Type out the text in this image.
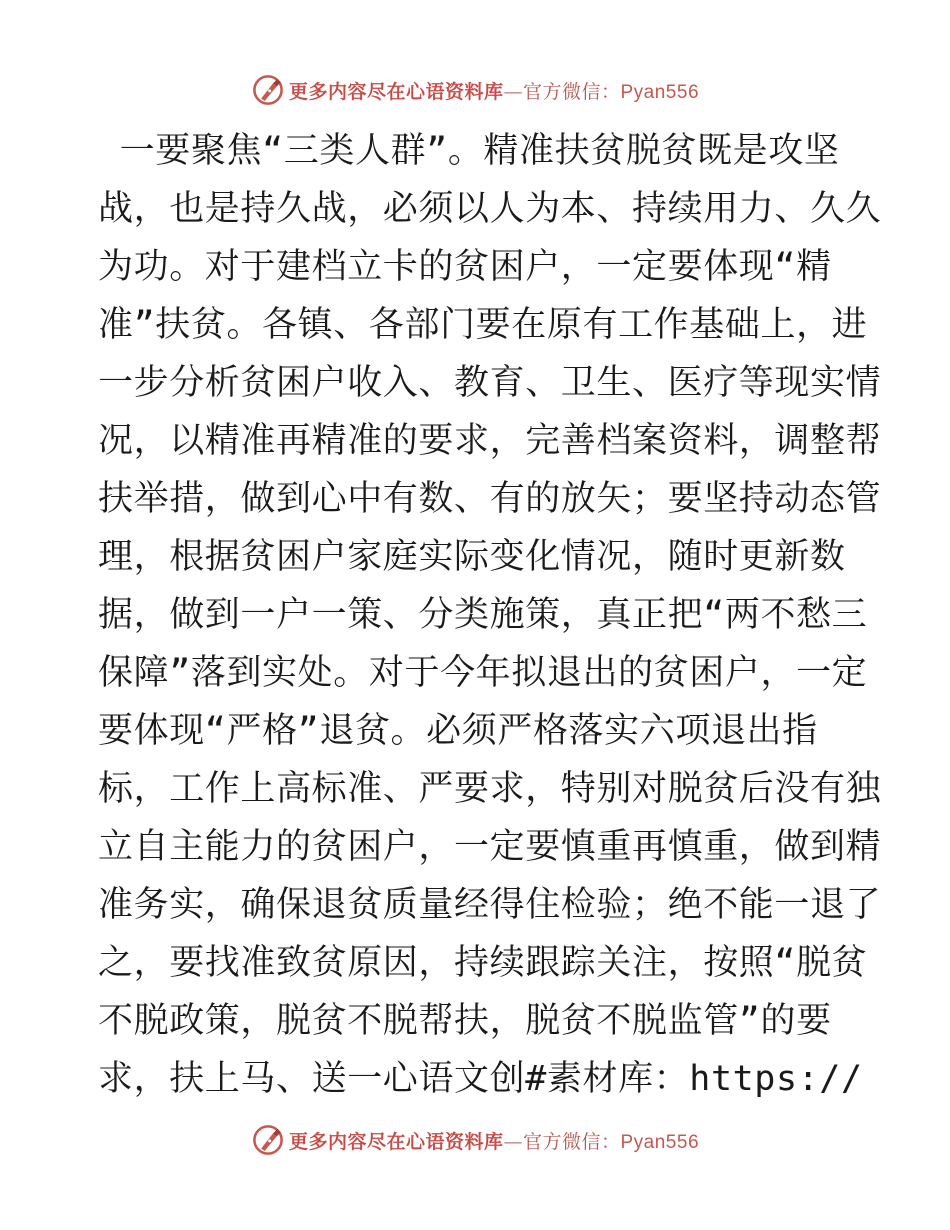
更多内容尽在心语资料库—官方微信：Pyan556
一要聚焦“三类人群”。精准扶贫脱贫既是攻坚
战，也是持久战，必须以人为本、持续用力、久久
为功。对于建档立卡的贫困户，一定要体现“精
准”扶贫。各镇、各部门要在原有工作基础上，进
一步分析贫困户收入、教育、卫生、医疗等现实情
况，以精准再精准的要求，完善档案资料，调整帮
扶举措，做到心中有数、有的放矢；要坚持动态管
理，根据贫困户家庭实际变化情况，随时更新数
据，做到一户一策、分类施策，真正把“两不愁三
保障”落到实处。对于今年拟退出的贫困户，一定
要体现“严格”退贫。必须严格落实六项退出指
标，工作上高标准、严要求，特别对脱贫后没有独
立自主能力的贫困户，一定要慎重再慎重，做到精
准务实，确保退贫质量经得住检验；绝不能一退了
之，要找准致贫原因，持续跟踪关注，按照“脱贫
不脱政策，脱贫不脱帮扶，脱贫不脱监管”的要
求，扶上马、送一心语文创#素材库：https://
更多内容尽在心语资料库—官方微信：Pyan556
